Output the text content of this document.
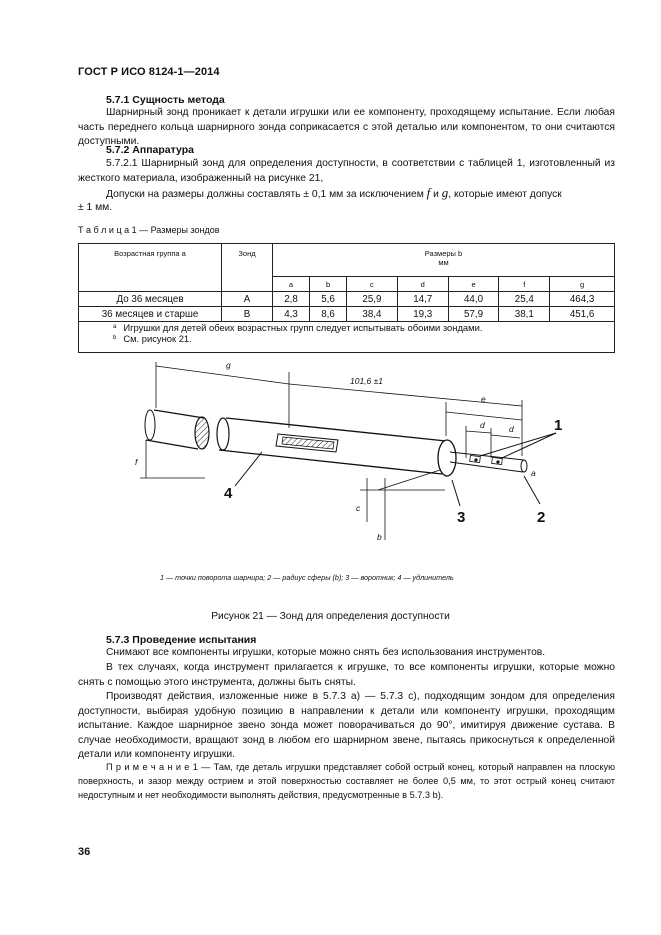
ГОСТ Р ИСО 8124-1—2014
5.7.1 Сущность метода
Шарнирный зонд проникает к детали игрушки или ее компоненту, проходящему испытание. Если любая часть переднего кольца шарнирного зонда соприкасается с этой деталью или компонентом, то они считаются доступными.
5.7.2 Аппаратура
5.7.2.1 Шарнирный зонд для определения доступности, в соответствии с таблицей 1, изготовленный из жесткого материала, изображенный на рисунке 21,
Допуски на размеры должны составлять ± 0,1 мм за исключением f и g, которые имеют допуск
± 1 мм.
Т а б л и ц а 1 — Размеры зондов
Возрастная группа a	Зонд	Размеры b
мм						
		a	b	c	d	e	f	g
До 36 месяцев	A	2,8	5,6	25,9	14,7	44,0	25,4	464,3
36 месяцев и старше	B	4,3	8,6	38,4	19,3	57,9	38,1	451,6

$^a$ Игрушки для детей обеих возрастных групп следует испытывать обоими зондами.
$^b$ См. рисунок 21.								
g
101,6 ±1
e
d	d
f
a
c
b
1
2
3
4
1 — точки поворота шарнира; 2 — радиус сферы (b); 3 — воротник; 4 — удлинитель
Рисунок 21 — Зонд для определения доступности
5.7.3 Проведение испытания
Снимают все компоненты игрушки, которые можно снять без использования инструментов.
В тех случаях, когда инструмент прилагается к игрушке, то все компоненты игрушки, которые можно снять с помощью этого инструмента, должны быть сняты.
Производят действия, изложенные ниже в 5.7.3 а) — 5.7.3 с), подходящим зондом для определения доступности, выбирая удобную позицию в направлении к детали или компоненту игрушки, проходящим испытание. Каждое шарнирное звено зонда может поворачиваться до 90°, имитируя движение сустава. В случае необходимости, вращают зонд в любом его шарнирном звене, пытаясь прикоснуться к определенной детали или компоненту игрушки.
П р и м е ч а н и е 1 — Там, где деталь игрушки представляет собой острый конец, который направлен на плоскую поверхность, и зазор между острием и этой поверхностью составляет не более 0,5 мм, то этот острый конец считают недоступным и нет необходимости выполнять действия, предусмотренные в 5.7.3 b).
36
